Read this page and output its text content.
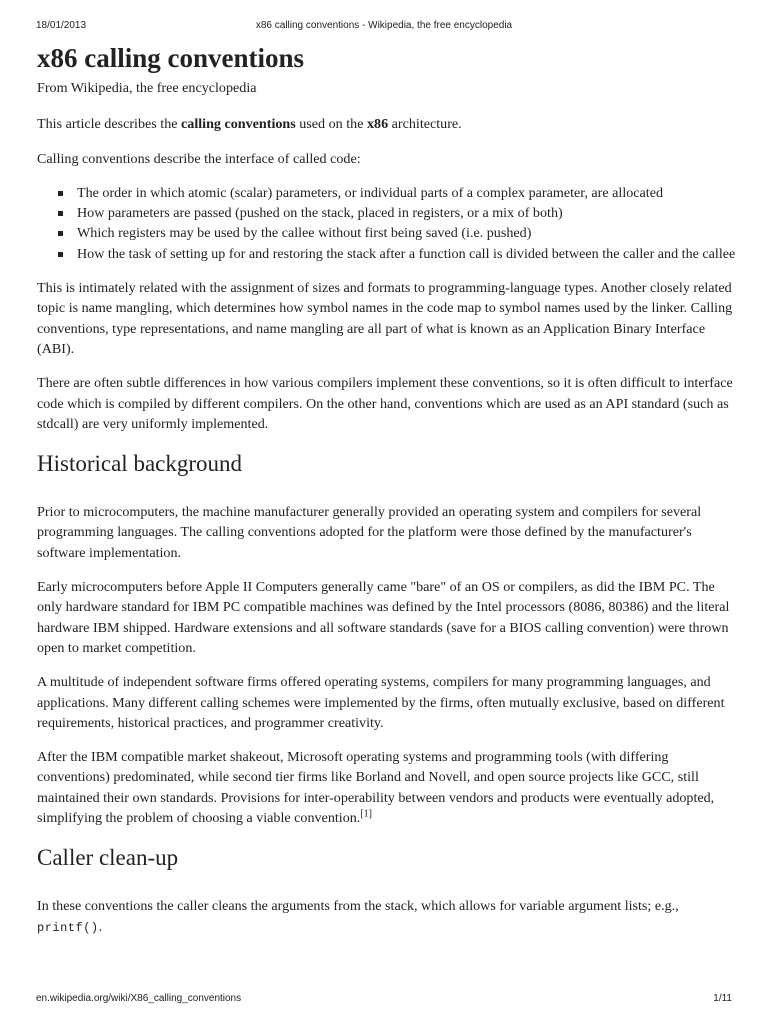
18/01/2013	x86 calling conventions - Wikipedia, the free encyclopedia
x86 calling conventions
From Wikipedia, the free encyclopedia

This article describes the calling conventions used on the x86 architecture.

Calling conventions describe the interface of called code:

The order in which atomic (scalar) parameters, or individual parts of a complex parameter, are allocated
How parameters are passed (pushed on the stack, placed in registers, or a mix of both)
Which registers may be used by the callee without first being saved (i.e. pushed)
How the task of setting up for and restoring the stack after a function call is divided between the caller and the callee

This is intimately related with the assignment of sizes and formats to programming-language types. Another closely related topic is name mangling, which determines how symbol names in the code map to symbol names used by the linker. Calling conventions, type representations, and name mangling are all part of what is known as an Application Binary Interface (ABI).

There are often subtle differences in how various compilers implement these conventions, so it is often difficult to interface code which is compiled by different compilers. On the other hand, conventions which are used as an API standard (such as stdcall) are very uniformly implemented.

Historical background

Prior to microcomputers, the machine manufacturer generally provided an operating system and compilers for several programming languages. The calling conventions adopted for the platform were those defined by the manufacturer's software implementation.

Early microcomputers before Apple II Computers generally came "bare" of an OS or compilers, as did the IBM PC. The only hardware standard for IBM PC compatible machines was defined by the Intel processors (8086, 80386) and the literal hardware IBM shipped. Hardware extensions and all software standards (save for a BIOS calling convention) were thrown open to market competition.

A multitude of independent software firms offered operating systems, compilers for many programming languages, and applications. Many different calling schemes were implemented by the firms, often mutually exclusive, based on different requirements, historical practices, and programmer creativity.

After the IBM compatible market shakeout, Microsoft operating systems and programming tools (with differing conventions) predominated, while second tier firms like Borland and Novell, and open source projects like GCC, still maintained their own standards. Provisions for inter-operability between vendors and products were eventually adopted, simplifying the problem of choosing a viable convention.[1]

Caller clean-up

In these conventions the caller cleans the arguments from the stack, which allows for variable argument lists; e.g.,
printf().

en.wikipedia.org/wiki/X86_calling_conventions	1/11
